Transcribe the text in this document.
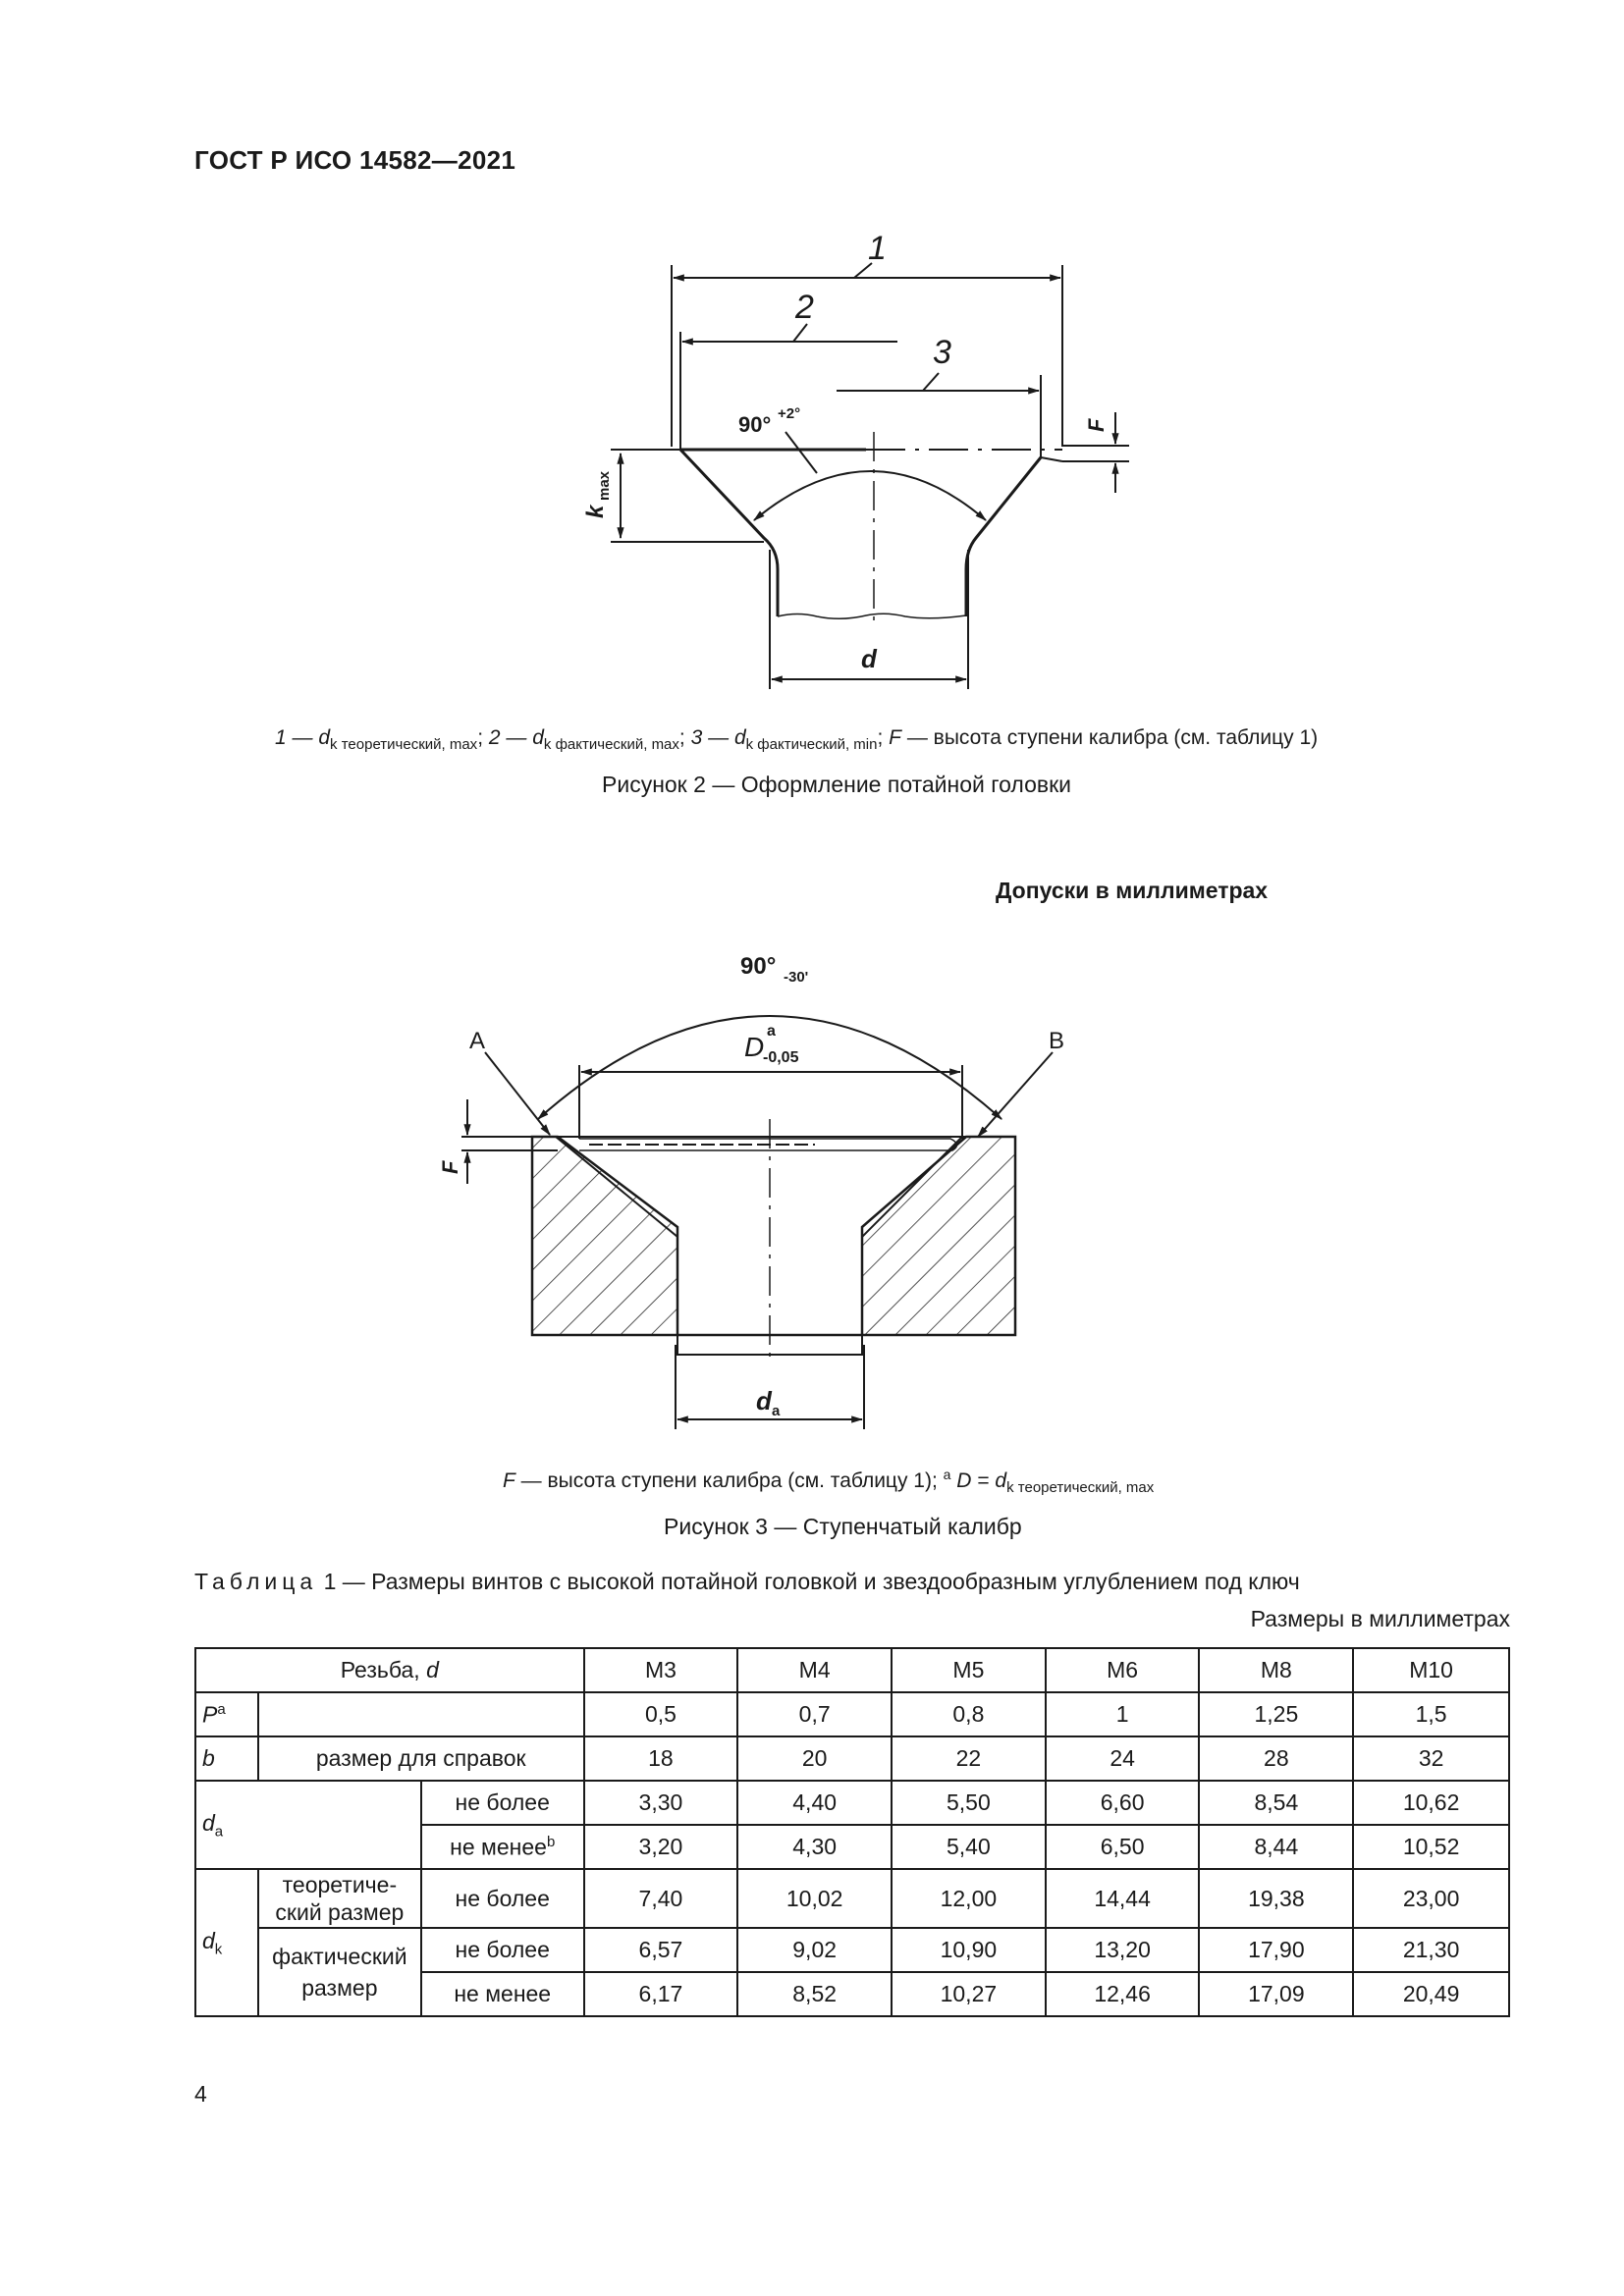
ГОСТ Р ИСО 14582—2021
1
2
3
90° +2°
F
k
max
d
1 — $d_{k теоретический, max}$; 2 — $d_{k фактический, max}$; 3 — $d_{k фактический, min}$; F — высота ступени калибра (см. таблицу 1)
Рисунок 2 — Оформление потайной головки
Допуски в миллиметрах
A	B
90° -30'
D
a
-0,05
F
d a
F — высота ступени калибра (см. таблицу 1); $^a$ $D = d_{k теоретический, max}$
Рисунок 3 — Ступенчатый калибр
Таблица 1 — Размеры винтов с высокой потайной головкой и звездообразным углублением под ключ
Размеры в миллиметрах
Резьба, d			M3	M4	M5	M6	M8	M10
$P^a$			0,5	0,7	0,8	1	1,25	1,5
b	размер для справок		18	20	22	24	28	32
$d_a$		не более	3,30	4,40	5,50	6,60	8,54	10,62
		не менее$^b$	3,20	4,30	5,40	6,50	8,44	10,52
$d_k$	теоретиче-
ский размер	не более	7,40	10,02	12,00	14,44	19,38	23,00
	фактический
размер	не более	6,57	9,02	10,90	13,20	17,90	21,30
		не менее	6,17	8,52	10,27	12,46	17,09	20,49
4
